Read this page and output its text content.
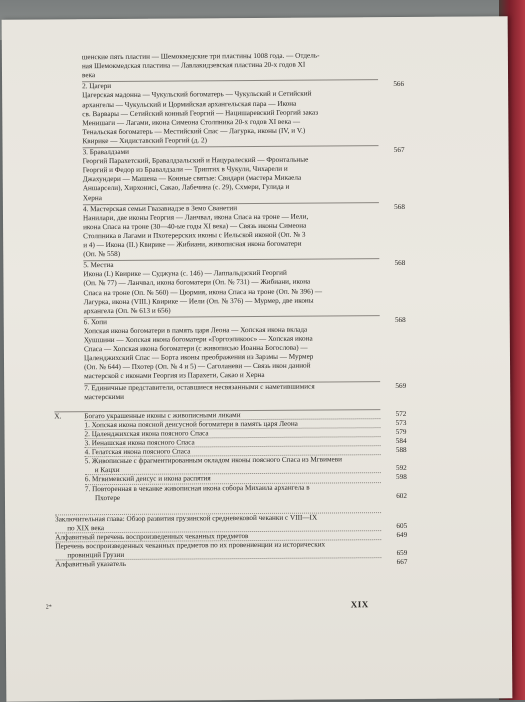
шенские пять пластин — Шемокмедские три пластины 1008 года. — Отдель-
ная Шемокмедская пластина — Лавлакидзевская пластина 20-х годов XI
века
2. Цагери	566
Цагерская мадонна — Чукульский богоматерь — Чукульский и Сетийский
архангелы — Чукульский и Цормийская архангельская пара — Икона
св. Варвары — Сетийский конный Георгий — Нацишаревский Георгий заказ
Менишаги — Лагами, икона Симеона Столпника 20-х годов XI века —
Тенальская богоматерь — Местийский Спас — Лагурка, иконы (IV, и V.)
Квирике — Хидиставский Георгий (д. 2)
3. Бравалдзами	567
Георгий Парахетский, Бравалдзальский и Нацуралеский — Фронтальные
Георгий и Федор из Бравалдзали — Триптих в Чукули, Чихарели и
Джахундери — Машена — Конные святые: Свидари (мастера Микаела
Аншарсели), Хирхонисі, Сакао, Лабечина (с. 29), Схмери, Гулида и
Херна
4. Мастерская семьи Гвазавиадзе в Земо Сванетии	568
Нанилари, две иконы Георгия — Ланчвал, икона Спаса на троне — Иели,
икона Спаса на троне (30—40-ые годы XI века) — Связь иконы Симеона
Столпника в Лагами и Пхотерерских иконы с Иельской иконой (Оп. № 3
и 4) — Икона (II.) Квирике — Жибиани, живописная икона богоматери
(Оп. № 558)
5. Местиа	568
Икона (I.) Квирике — Суджуна (с. 146) — Лаппальдзский Георгий
(Оп. № 77) — Ланчвал, икона богоматери (Оп. № 731) — Жибиани, икона
Спаса на троне (Оп. № 560) — Цюрмия, икона Спаса на троне (Оп. № 396) —
Лагурка, икона (VIII.) Квирике — Иели (Оп. № 376) — Мурмер, две иконы
архангела (Оп. № 613 и 656)
6. Хопи	568
Хопская икона богоматери в память царя Леона — Хопская икона вкладa
Хушшини — Хопская икона богоматери «Горгоэпикоос» — Хопская икона
Спаса — Хопская икона богоматери (с живописью Иоанна Богослова) —
Цаленджихский Спас — Борта иконы преображения из Зарзмы — Мурмер
(Оп. № 644) — Пхотер (Оп. № 4 и 5) — Саголаневи — Связь икон данной
мастерской с иконами Георгия из Парахети, Сакао и Херна
7. Единичные представители, оставшиеся несвязанными с наметившимися	569
мастерскими
X.	Богато украшенные иконы с живописными ликами	572
1. Хопская икона поясной деисусной богоматери в память царя Леона	573
2. Цаленджихская икона поясного Спаса	579
3. Иенашская икона поясного Спаса	584
4. Гелатская икона поясного Спаса	588
5. Живописные с фрагментированным окладом иконы поясного Спаса из Мгвимеви
и Кацхи	592
6. Мгвимевский деисус и икона распятия	598
7. Повторенная в чеканке живописная икона собора Михаила архангела в
Пхотере	602
Заключительная глава: Обзор развития грузинской средневековой чеканки с VIII—IX
по XIX века	605
Алфавитный перечень воспроизведенных чеканных предметов	649
Перечень воспроизведенных чеканных предметов по их провениенции из исторических
провинций Грузии	659
Алфавитный указатель	667
2*	XIX
